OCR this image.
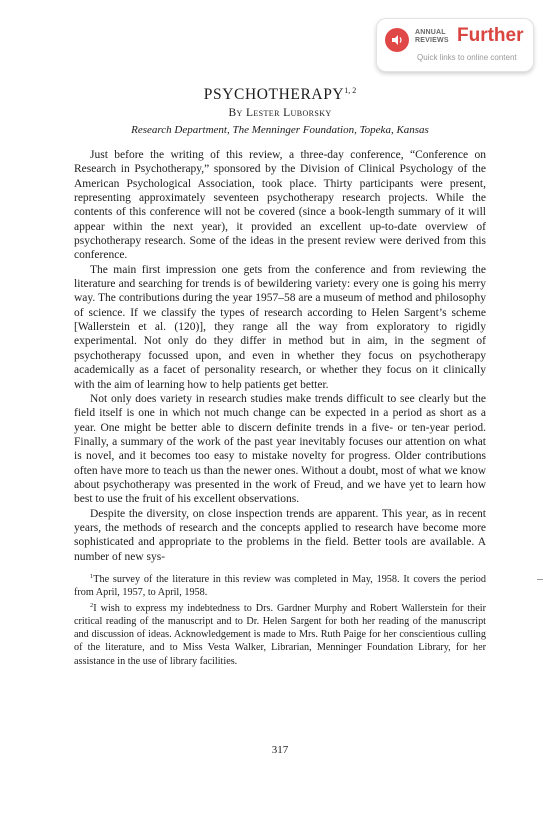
ANNUAL
REVIEWS Further
Quick links to online content
PSYCHOTHERAPY$^{1, 2}$
By Lester Luborsky
Research Department, The Menninger Foundation, Topeka, Kansas

Just before the writing of this review, a three-day conference, “Conference on Research in Psychotherapy,” sponsored by the Division of Clinical Psychology of the American Psychological Association, took place. Thirty participants were present, representing approximately seventeen psychotherapy research projects. While the contents of this conference will not be covered (since a book-length summary of it will appear within the next year), it provided an excellent up-to-date overview of psychotherapy research. Some of the ideas in the present review were derived from this conference.

The main first impression one gets from the conference and from reviewing the literature and searching for trends is of bewildering variety: every one is going his merry way. The contributions during the year 1957–58 are a museum of method and philosophy of science. If we classify the types of research according to Helen Sargent’s scheme [Wallerstein et al. (120)], they range all the way from exploratory to rigidly experimental. Not only do they differ in method but in aim, in the segment of psychotherapy focussed upon, and even in whether they focus on psychotherapy academically as a facet of personality research, or whether they focus on it clinically with the aim of learning how to help patients get better.

Not only does variety in research studies make trends difficult to see clearly but the field itself is one in which not much change can be expected in a period as short as a year. One might be better able to discern definite trends in a five- or ten-year period. Finally, a summary of the work of the past year inevitably focuses our attention on what is novel, and it becomes too easy to mistake novelty for progress. Older contributions often have more to teach us than the newer ones. Without a doubt, most of what we know about psychotherapy was presented in the work of Freud, and we have yet to learn how best to use the fruit of his excellent observations.

Despite the diversity, on close inspection trends are apparent. This year, as in recent years, the methods of research and the concepts applied to research have become more sophisticated and appropriate to the problems in the field. Better tools are available. A number of new sys-

$^1$The survey of the literature in this review was completed in May, 1958. It covers the period from April, 1957, to April, 1958.

$^2$I wish to express my indebtedness to Drs. Gardner Murphy and Robert Wallerstein for their critical reading of the manuscript and to Dr. Helen Sargent for both her reading of the manuscript and discussion of ideas. Acknowledgement is made to Mrs. Ruth Paige for her conscientious culling of the literature, and to Miss Vesta Walker, Librarian, Menninger Foundation Library, for her assistance in the use of library facilities.

317
